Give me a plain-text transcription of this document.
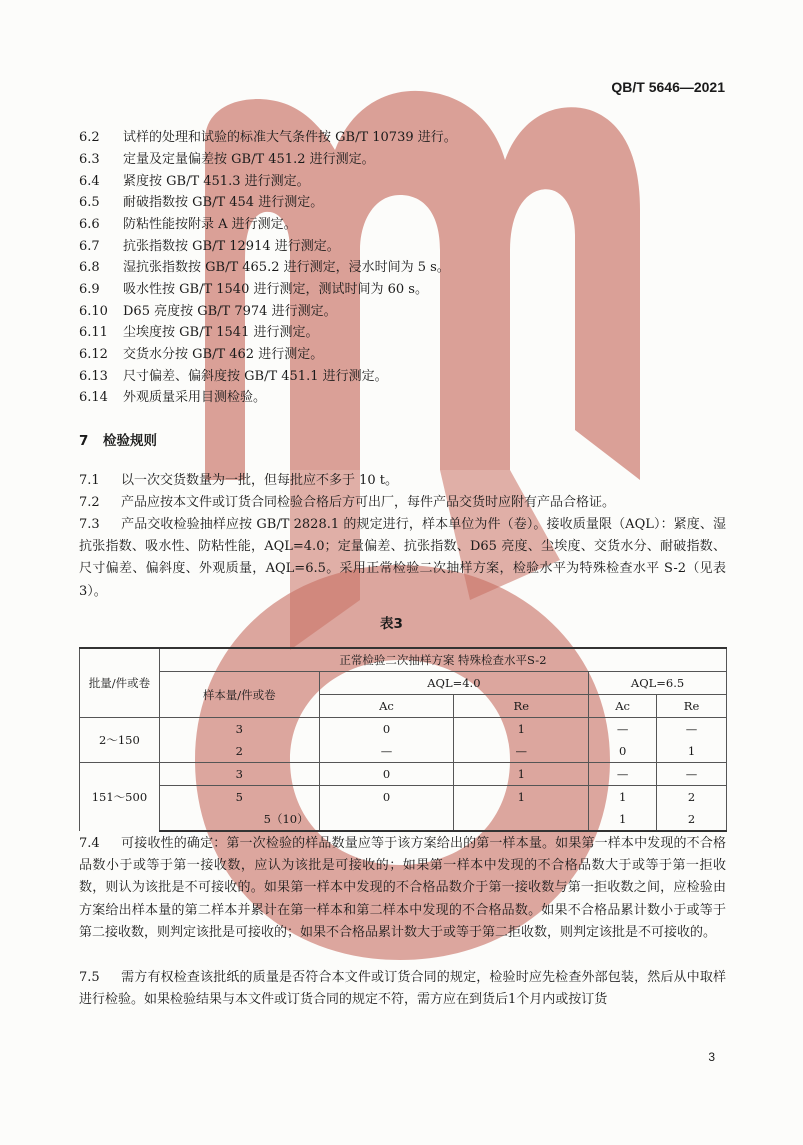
QB/T 5646—2021
6.2 试样的处理和试验的标准大气条件按 GB/T 10739 进行。
6.3 定量及定量偏差按 GB/T 451.2 进行测定。
6.4 紧度按 GB/T 451.3 进行测定。
6.5 耐破指数按 GB/T 454 进行测定。
6.6 防粘性能按附录 A 进行测定。
6.7 抗张指数按 GB/T 12914 进行测定。
6.8 湿抗张指数按 GB/T 465.2 进行测定，浸水时间为 5 s。
6.9 吸水性按 GB/T 1540 进行测定，测试时间为 60 s。
6.10 D65 亮度按 GB/T 7974 进行测定。
6.11 尘埃度按 GB/T 1541 进行测定。
6.12 交货水分按 GB/T 462 进行测定。
6.13 尺寸偏差、偏斜度按 GB/T 451.1 进行测定。
6.14 外观质量采用目测检验。
7 检验规则
7.1 以一次交货数量为一批，但每批应不多于 10 t。
7.2 产品应按本文件或订货合同检验合格后方可出厂，每件产品交货时应附有产品合格证。
7.3 产品交收检验抽样应按 GB/T 2828.1 的规定进行，样本单位为件（卷）。接收质量限（AQL）：紧度、湿抗张指数、吸水性、防粘性能，AQL=4.0；定量偏差、抗张指数、D65 亮度、尘埃度、交货水分、耐破指数、尺寸偏差、偏斜度、外观质量，AQL=6.5。采用正常检验二次抽样方案，检验水平为特殊检查水平 S-2（见表 3）。
表3
批量/件或卷	正常检验二次抽样方案 特殊检查水平S-2				
	样本量/件或卷	AQL=4.0		AQL=6.5	
		Ac	Re	Ac	Re
2～150	3	0	1	—	—
	2	—	—	0	1
151～500	3	0	1	—	—
	5	0	1	1	2
	5（10）			1	2
7.4 可接收性的确定：第一次检验的样品数量应等于该方案给出的第一样本量。如果第一样本中发现的不合格品数小于或等于第一接收数，应认为该批是可接收的；如果第一样本中发现的不合格品数大于或等于第一拒收数，则认为该批是不可接收的。如果第一样本中发现的不合格品数介于第一接收数与第一拒收数之间，应检验由方案给出样本量的第二样本并累计在第一样本和第二样本中发现的不合格品数。如果不合格品累计数小于或等于第二接收数，则判定该批是可接收的；如果不合格品累计数大于或等于第二拒收数，则判定该批是不可接收的。
7.5 需方有权检查该批纸的质量是否符合本文件或订货合同的规定，检验时应先检查外部包装，然后从中取样进行检验。如果检验结果与本文件或订货合同的规定不符，需方应在到货后1个月内或按订货
3
